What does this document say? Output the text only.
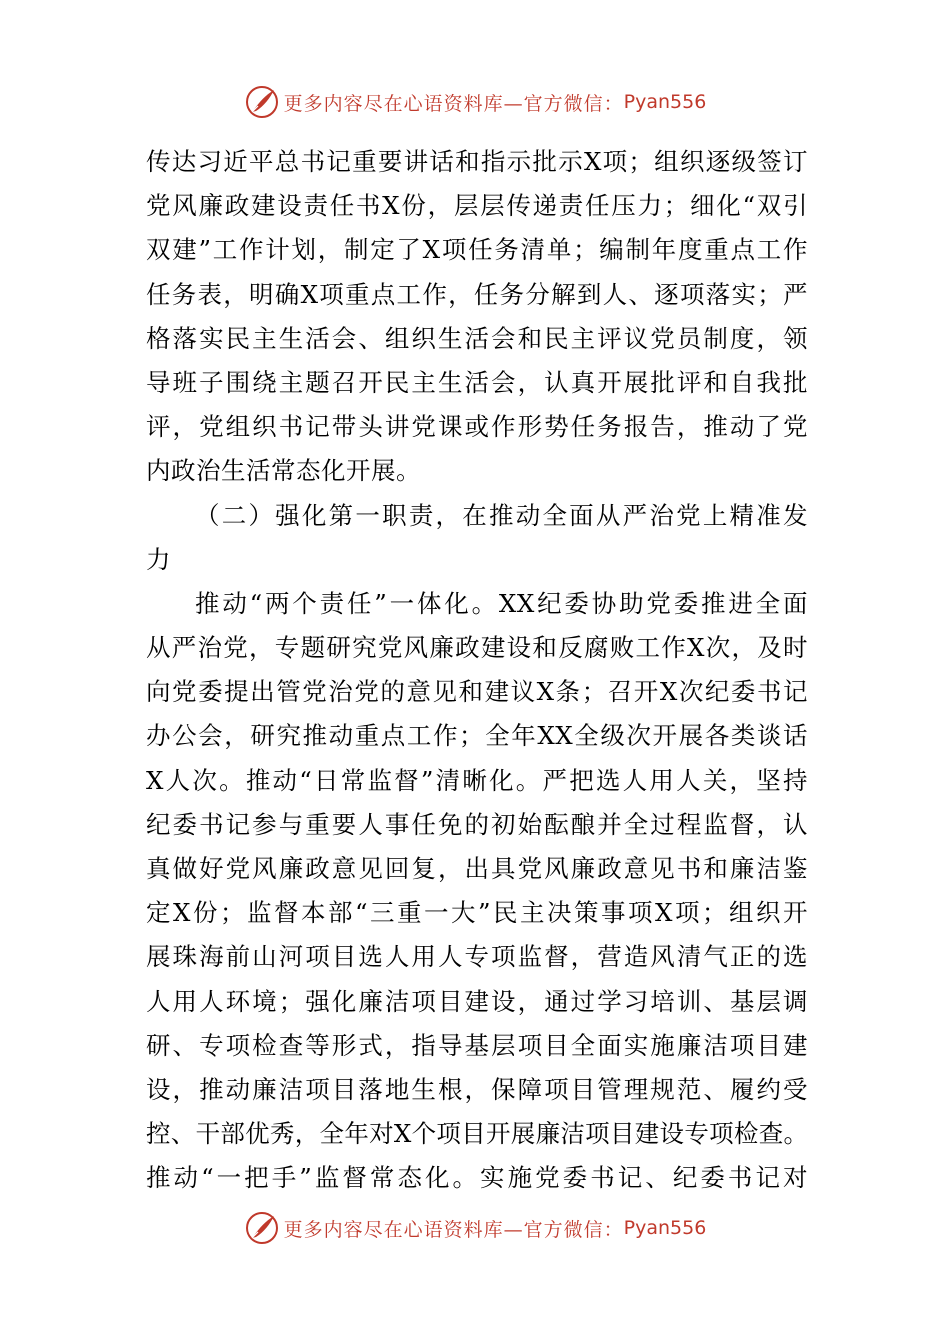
更多内容尽在心语资料库—官方微信： Pyan556
传达习近平总书记重要讲话和指示批示X项；组织逐级签订
党风廉政建设责任书X份，层层传递责任压力；细化“双引
双建”工作计划，制定了X项任务清单；编制年度重点工作
任务表，明确X项重点工作，任务分解到人、逐项落实；严
格落实民主生活会、组织生活会和民主评议党员制度，领
导班子围绕主题召开民主生活会，认真开展批评和自我批
评，党组织书记带头讲党课或作形势任务报告，推动了党
内政治生活常态化开展。
（二）强化第一职责，在推动全面从严治党上精准发
力
推动“两个责任”一体化。XX纪委协助党委推进全面
从严治党，专题研究党风廉政建设和反腐败工作X次，及时
向党委提出管党治党的意见和建议X条；召开X次纪委书记
办公会，研究推动重点工作；全年XX全级次开展各类谈话
X人次。推动“日常监督”清晰化。严把选人用人关，坚持
纪委书记参与重要人事任免的初始酝酿并全过程监督，认
真做好党风廉政意见回复，出具党风廉政意见书和廉洁鉴
定X份；监督本部“三重一大”民主决策事项X项；组织开
展珠海前山河项目选人用人专项监督，营造风清气正的选
人用人环境；强化廉洁项目建设，通过学习培训、基层调
研、专项检查等形式，指导基层项目全面实施廉洁项目建
设，推动廉洁项目落地生根，保障项目管理规范、履约受
控、干部优秀，全年对X个项目开展廉洁项目建设专项检查。
推动“一把手”监督常态化。实施党委书记、纪委书记对
更多内容尽在心语资料库—官方微信： Pyan556
